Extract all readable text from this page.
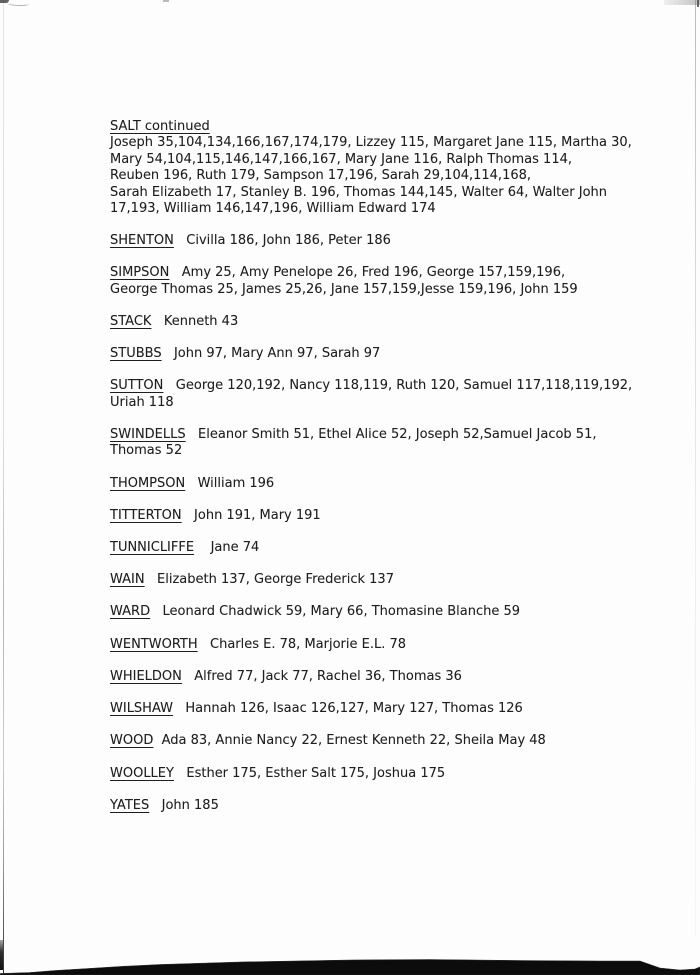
SALT continued
Joseph 35,104,134,166,167,174,179, Lizzey 115, Margaret Jane 115, Martha 30,
Mary 54,104,115,146,147,166,167, Mary Jane 116, Ralph Thomas 114,
Reuben 196, Ruth 179, Sampson 17,196, Sarah 29,104,114,168,
Sarah Elizabeth 17, Stanley B. 196, Thomas 144,145, Walter 64, Walter John
17,193, William 146,147,196, William Edward 174
SHENTON   Civilla 186, John 186, Peter 186
SIMPSON   Amy 25, Amy Penelope 26, Fred 196, George 157,159,196,
George Thomas 25, James 25,26, Jane 157,159,Jesse 159,196, John 159
STACK   Kenneth 43
STUBBS   John 97, Mary Ann 97, Sarah 97
SUTTON   George 120,192, Nancy 118,119, Ruth 120, Samuel 117,118,119,192,
Uriah 118
SWINDELLS   Eleanor Smith 51, Ethel Alice 52, Joseph 52,Samuel Jacob 51,
Thomas 52
THOMPSON   William 196
TITTERTON   John 191, Mary 191
TUNNICLIFFE    Jane 74
WAIN   Elizabeth 137, George Frederick 137
WARD   Leonard Chadwick 59, Mary 66, Thomasine Blanche 59
WENTWORTH   Charles E. 78, Marjorie E.L. 78
WHIELDON   Alfred 77, Jack 77, Rachel 36, Thomas 36
WILSHAW   Hannah 126, Isaac 126,127, Mary 127, Thomas 126
WOOD  Ada 83, Annie Nancy 22, Ernest Kenneth 22, Sheila May 48
WOOLLEY   Esther 175, Esther Salt 175, Joshua 175
YATES   John 185
